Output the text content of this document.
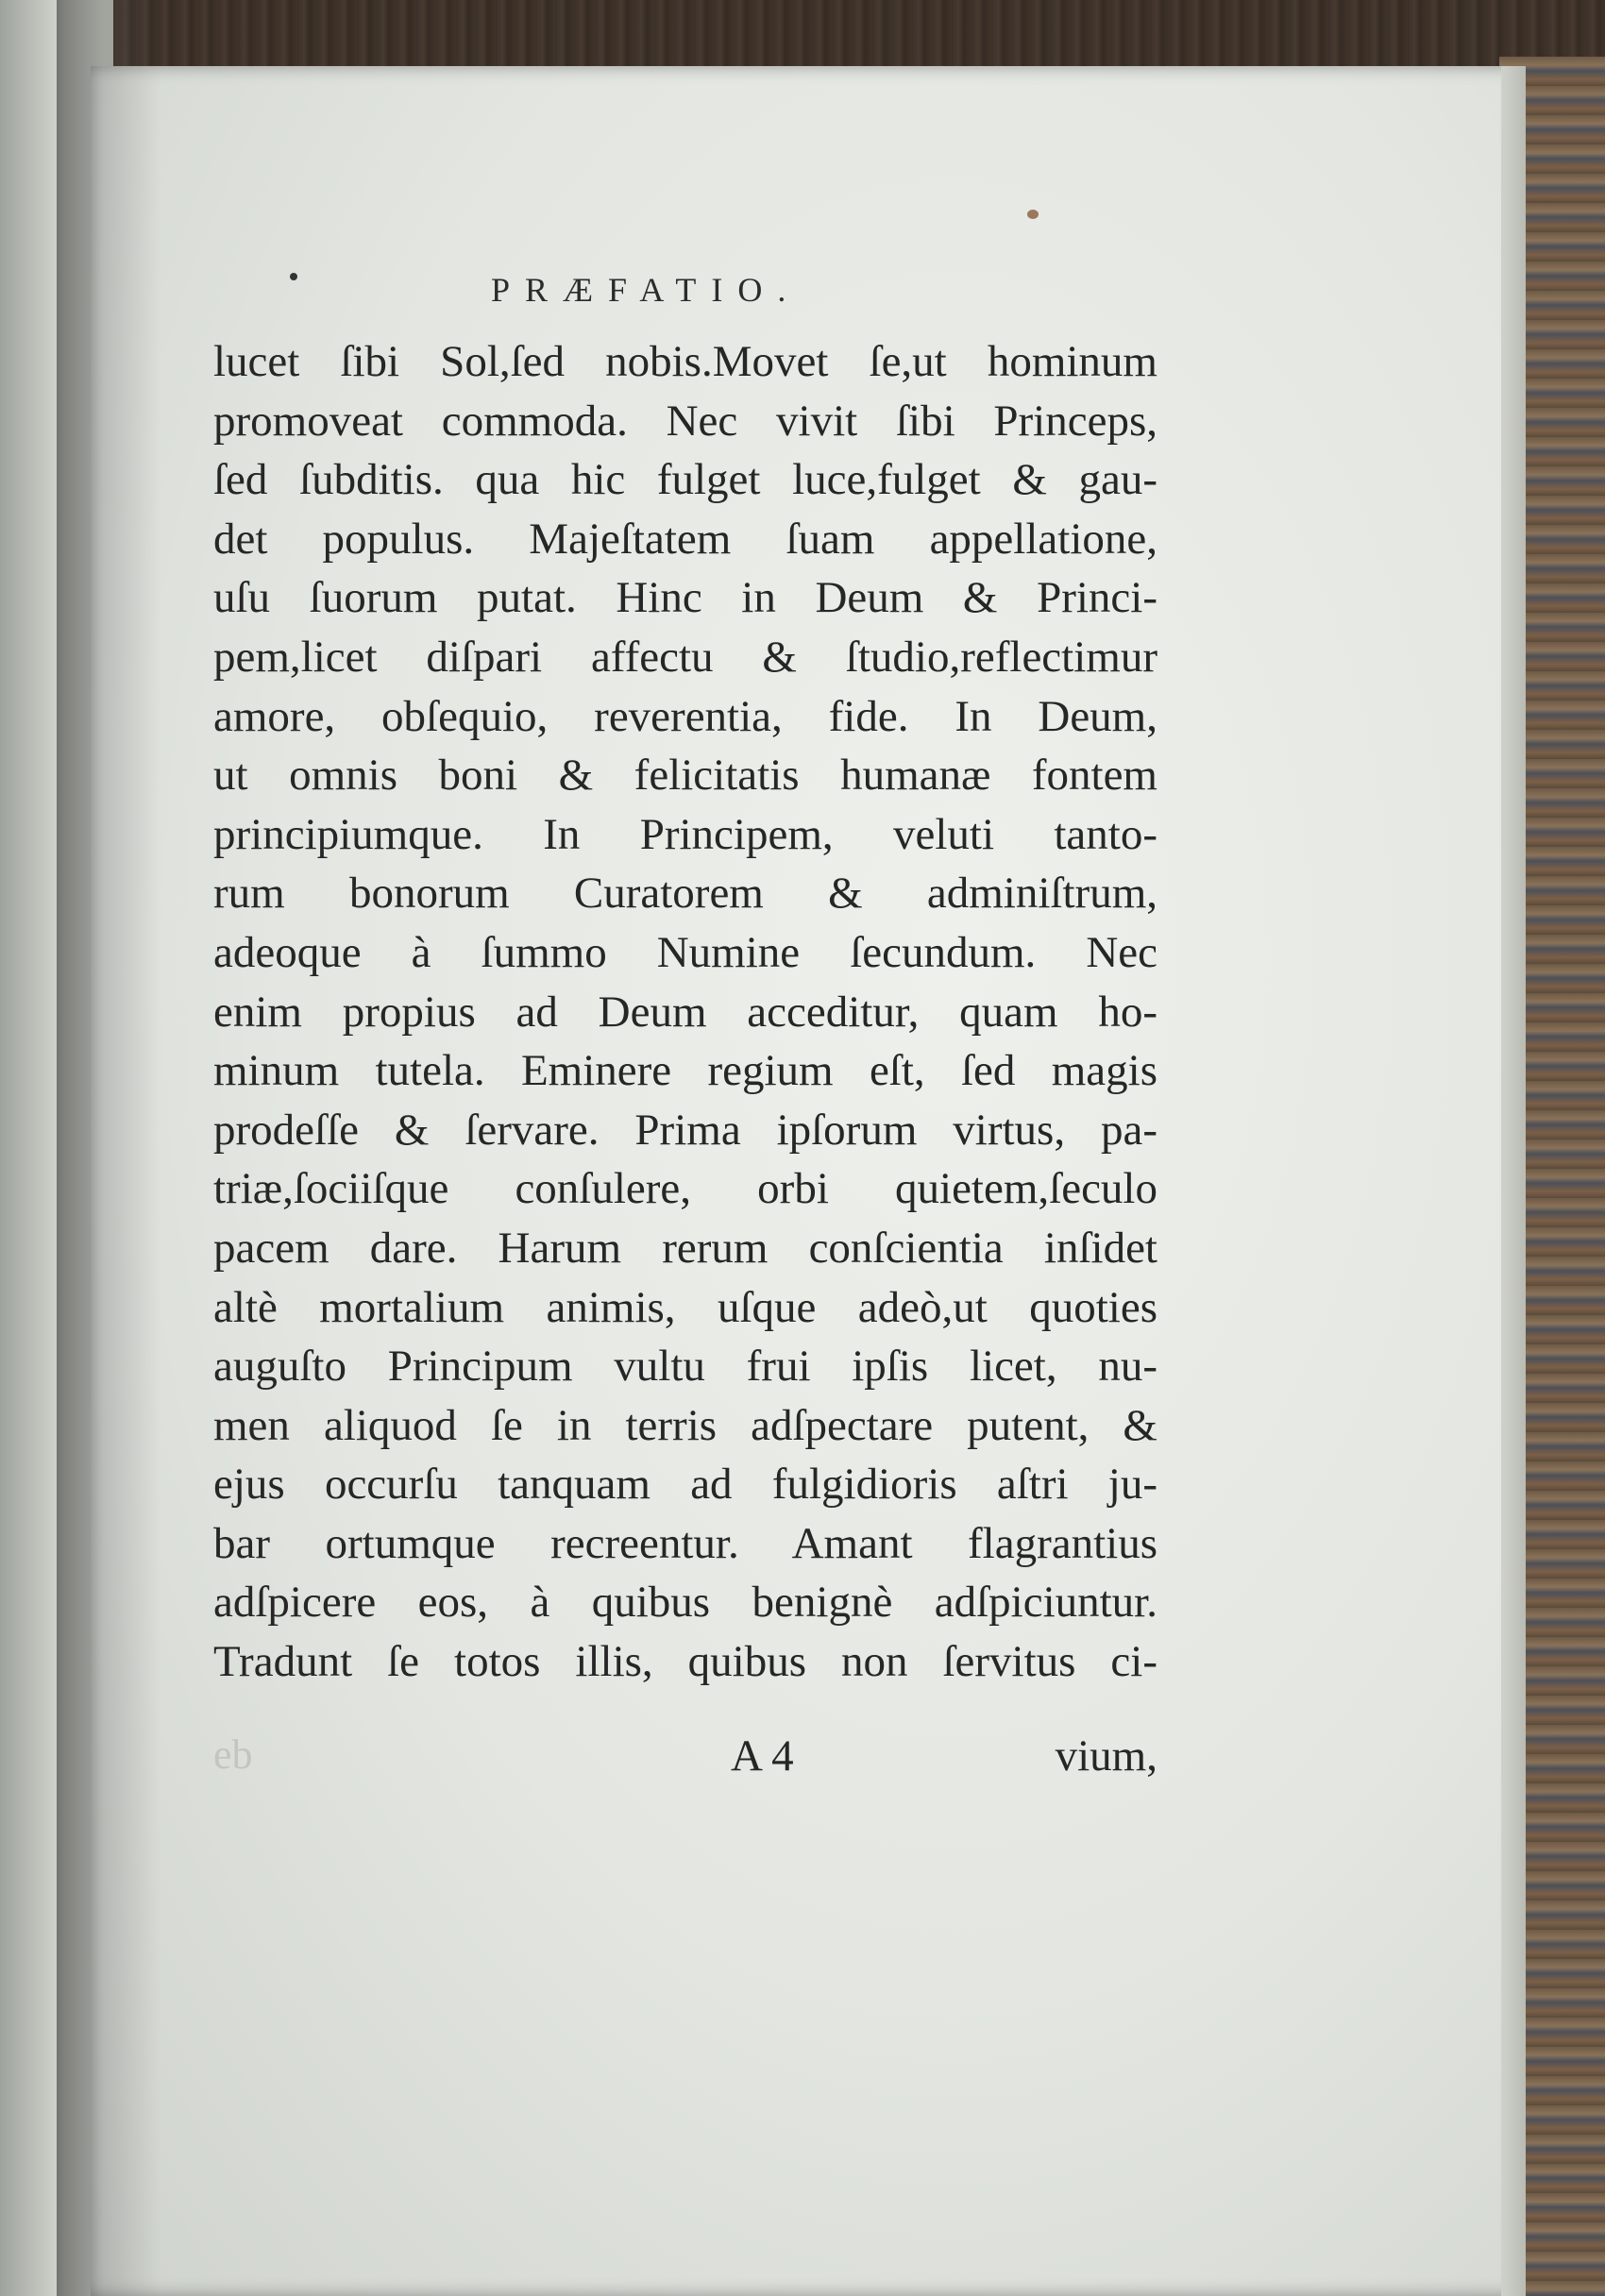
PRÆFATIO.
lucet ſibi Sol,ſed nobis.Movet ſe,ut hominum
promoveat commoda. Nec vivit ſibi Princeps,
ſed ſubditis. qua hic fulget luce,fulget & gau-
det populus. Majeſtatem ſuam appellatione,
uſu ſuorum putat. Hinc in Deum & Princi-
pem,licet diſpari affectu & ſtudio,reflectimur
amore, obſequio, reverentia, fide. In Deum,
ut omnis boni & felicitatis humanæ fontem
principiumque. In Principem, veluti tanto-
rum bonorum Curatorem & adminiſtrum,
adeoque à ſummo Numine ſecundum. Nec
enim propius ad Deum acceditur, quam ho-
minum tutela. Eminere regium eſt, ſed magis
prodeſſe & ſervare. Prima ipſorum virtus, pa-
triæ,ſociiſque conſulere, orbi quietem,ſeculo
pacem dare. Harum rerum conſcientia inſidet
altè mortalium animis, uſque adeò,ut quoties
auguſto Principum vultu frui ipſis licet, nu-
men aliquod ſe in terris adſpectare putent, &
ejus occurſu tanquam ad fulgidioris aſtri ju-
bar ortumque recreentur. Amant flagrantius
adſpicere eos, à quibus benignè adſpiciuntur.
Tradunt ſe totos illis, quibus non ſervitus ci-
eb	A 4	vium,
